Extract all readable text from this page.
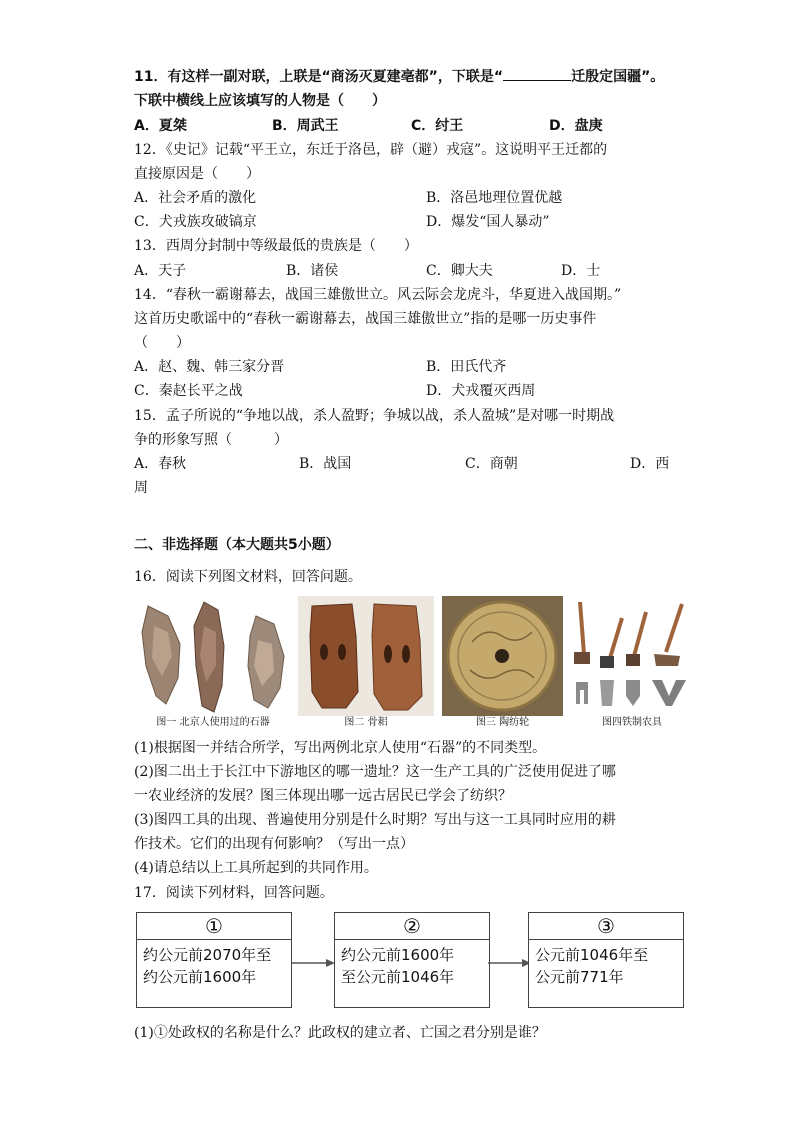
11．有这样一副对联，上联是“商汤灭夏建亳都”，下联是“	迁殷定国疆”。
下联中横线上应该填写的人物是（　　）
A．夏桀	B．周武王	C．纣王	D．盘庚
12．《史记》记载“平王立，东迁于洛邑，辟（避）戎寇”。这说明平王迁都的
直接原因是（　　）
A．社会矛盾的激化	B．洛邑地理位置优越
C．犬戎族攻破镐京	D．爆发“国人暴动”
13．西周分封制中等级最低的贵族是（　　）
A．天子	B．诸侯	C．卿大夫	D．士
14．“春秋一霸谢幕去，战国三雄傲世立。风云际会龙虎斗，华夏进入战国期。”
这首历史歌谣中的“春秋一霸谢幕去，战国三雄傲世立”指的是哪一历史事件
（　　）
A．赵、魏、韩三家分晋	B．田氏代齐
C．秦赵长平之战	D．犬戎覆灭西周
15．孟子所说的“争地以战，杀人盈野；争城以战，杀人盈城”是对哪一时期战
争的形象写照（　　　）
A．春秋	B．战国	C．商朝	D．西
周
二、非选择题（本大题共5小题）
16．阅读下列图文材料，回答问题。
图一 北京人使用过的石器	图二 骨耜	图三 陶纺轮	图四铁制农具
(1)根据图一并结合所学，写出两例北京人使用“石器”的不同类型。
(2)图二出土于长江中下游地区的哪一遗址？这一生产工具的广泛使用促进了哪
一农业经济的发展？图三体现出哪一远古居民已学会了纺织？
(3)图四工具的出现、普遍使用分别是什么时期？写出与这一工具同时应用的耕
作技术。它们的出现有何影响？（写出一点）
(4)请总结以上工具所起到的共同作用。
17．阅读下列材料，回答问题。
①
约公元前2070年至
约公元前1600年
②
约公元前1600年
至公元前1046年
③
公元前1046年至
公元前771年
(1)①处政权的名称是什么？此政权的建立者、亡国之君分别是谁？
